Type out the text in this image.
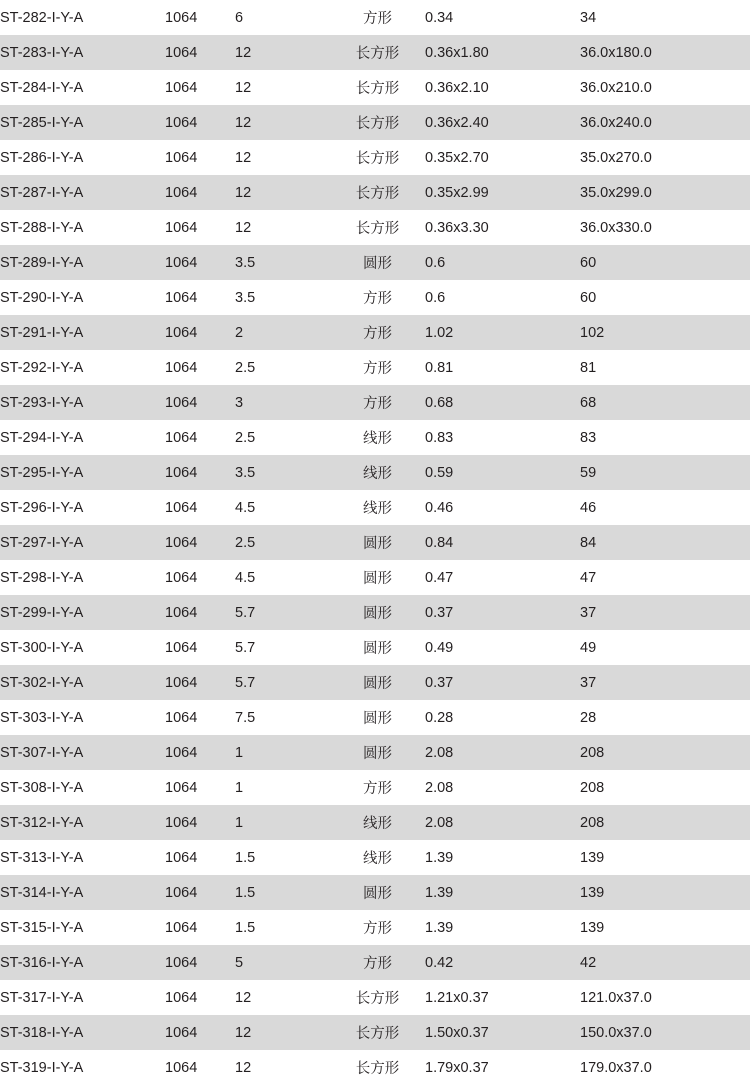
ST-282-I-Y-A	1064	6	方形	0.34	34

ST-283-I-Y-A	1064	12	长方形	0.36x1.80	36.0x180.0

ST-284-I-Y-A	1064	12	长方形	0.36x2.10	36.0x210.0

ST-285-I-Y-A	1064	12	长方形	0.36x2.40	36.0x240.0

ST-286-I-Y-A	1064	12	长方形	0.35x2.70	35.0x270.0

ST-287-I-Y-A	1064	12	长方形	0.35x2.99	35.0x299.0

ST-288-I-Y-A	1064	12	长方形	0.36x3.30	36.0x330.0

ST-289-I-Y-A	1064	3.5	圆形	0.6	60

ST-290-I-Y-A	1064	3.5	方形	0.6	60

ST-291-I-Y-A	1064	2	方形	1.02	102

ST-292-I-Y-A	1064	2.5	方形	0.81	81

ST-293-I-Y-A	1064	3	方形	0.68	68

ST-294-I-Y-A	1064	2.5	线形	0.83	83

ST-295-I-Y-A	1064	3.5	线形	0.59	59

ST-296-I-Y-A	1064	4.5	线形	0.46	46

ST-297-I-Y-A	1064	2.5	圆形	0.84	84

ST-298-I-Y-A	1064	4.5	圆形	0.47	47

ST-299-I-Y-A	1064	5.7	圆形	0.37	37

ST-300-I-Y-A	1064	5.7	圆形	0.49	49

ST-302-I-Y-A	1064	5.7	圆形	0.37	37

ST-303-I-Y-A	1064	7.5	圆形	0.28	28

ST-307-I-Y-A	1064	1	圆形	2.08	208

ST-308-I-Y-A	1064	1	方形	2.08	208

ST-312-I-Y-A	1064	1	线形	2.08	208

ST-313-I-Y-A	1064	1.5	线形	1.39	139

ST-314-I-Y-A	1064	1.5	圆形	1.39	139

ST-315-I-Y-A	1064	1.5	方形	1.39	139

ST-316-I-Y-A	1064	5	方形	0.42	42

ST-317-I-Y-A	1064	12	长方形	1.21x0.37	121.0x37.0

ST-318-I-Y-A	1064	12	长方形	1.50x0.37	150.0x37.0

ST-319-I-Y-A	1064	12	长方形	1.79x0.37	179.0x37.0
